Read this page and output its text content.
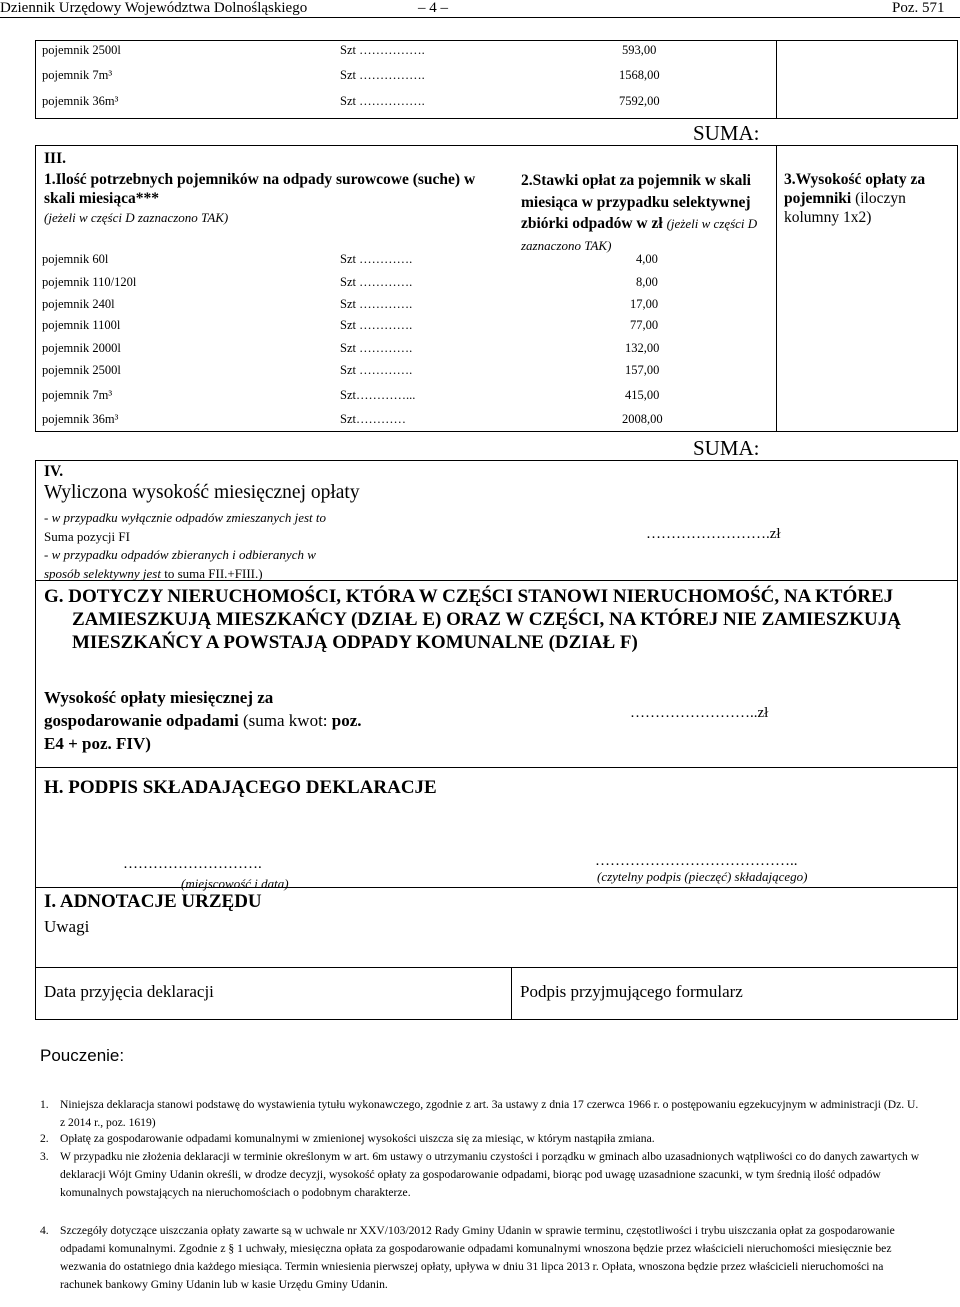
Dziennik Urzędowy Województwa Dolnośląskiego	– 4 –	Poz. 571
pojemnik 2500l	Szt …………….	593,00
pojemnik 7m³	Szt …………….	1568,00
pojemnik 36m³	Szt …………….	7592,00
SUMA:
III.
1.Ilość potrzebnych pojemników na odpady surowcowe (suche) w skali miesiąca***
(jeżeli w części D zaznaczono TAK)
2.Stawki opłat za pojemnik w skali miesiąca w przypadku selektywnej zbiórki odpadów w zł (jeżeli w części D zaznaczono TAK)
3.Wysokość opłaty za pojemniki (iloczyn kolumny 1x2)
pojemnik 60l	Szt ………….	4,00
pojemnik 110/120l	Szt ………….	8,00
pojemnik 240l	Szt ………….	17,00
pojemnik 1100l	Szt ………….	77,00
pojemnik 2000l	Szt ………….	132,00
pojemnik 2500l	Szt ………….	157,00
pojemnik 7m³	Szt…………...	415,00
pojemnik 36m³	Szt…………	2008,00
SUMA:
IV.
Wyliczona wysokość miesięcznej opłaty
- w przypadku wyłącznie odpadów zmieszanych jest to
Suma pozycji FI
- w przypadku odpadów zbieranych i odbieranych w
sposób selektywny jest to suma FII.+FIII.)
…………………….zł
G. DOTYCZY NIERUCHOMOŚCI, KTÓRA W CZĘŚCI STANOWI NIERUCHOMOŚĆ, NA KTÓREJ ZAMIESZKUJĄ MIESZKAŃCY (DZIAŁ E) ORAZ W CZĘŚCI, NA KTÓREJ NIE ZAMIESZKUJĄ MIESZKAŃCY A POWSTAJĄ ODPADY KOMUNALNE (DZIAŁ F)
Wysokość opłaty miesięcznej za gospodarowanie odpadami (suma kwot: poz. E4 + poz. FIV)
……………………..zł
H. PODPIS SKŁADAJĄCEGO DEKLARACJE
……………………….
(miejscowość i data)
…………………………………..
(czytelny podpis (pieczęć) składającego)
I. ADNOTACJE URZĘDU
Uwagi
Data przyjęcia deklaracji	Podpis przyjmującego formularz
Pouczenie:
1. Niniejsza deklaracja stanowi podstawę do wystawienia tytułu wykonawczego, zgodnie z art. 3a ustawy z dnia 17 czerwca 1966 r. o postępowaniu egzekucyjnym w administracji (Dz. U. z 2014 r., poz. 1619)
2. Opłatę za gospodarowanie odpadami komunalnymi w zmienionej wysokości uiszcza się za miesiąc, w którym nastąpiła zmiana.
3. W przypadku nie złożenia deklaracji w terminie określonym w art. 6m ustawy o utrzymaniu czystości i porządku w gminach albo uzasadnionych wątpliwości co do danych zawartych w deklaracji Wójt Gminy Udanin określi, w drodze decyzji, wysokość opłaty za gospodarowanie odpadami, biorąc pod uwagę uzasadnione szacunki, w tym średnią ilość odpadów komunalnych powstających na nieruchomościach o podobnym charakterze.
4. Szczegóły dotyczące uiszczania opłaty zawarte są w uchwale nr XXV/103/2012 Rady Gminy Udanin w sprawie terminu, częstotliwości i trybu uiszczania opłat za gospodarowanie odpadami komunalnymi. Zgodnie z § 1 uchwały, miesięczna opłata za gospodarowanie odpadami komunalnymi wnoszona będzie przez właścicieli nieruchomości miesięcznie bez wezwania do ostatniego dnia każdego miesiąca. Termin wniesienia pierwszej opłaty, upływa w dniu 31 lipca 2013 r. Opłata, wnoszona będzie przez właścicieli nieruchomości na rachunek bankowy Gminy Udanin lub w kasie Urzędu Gminy Udanin.
